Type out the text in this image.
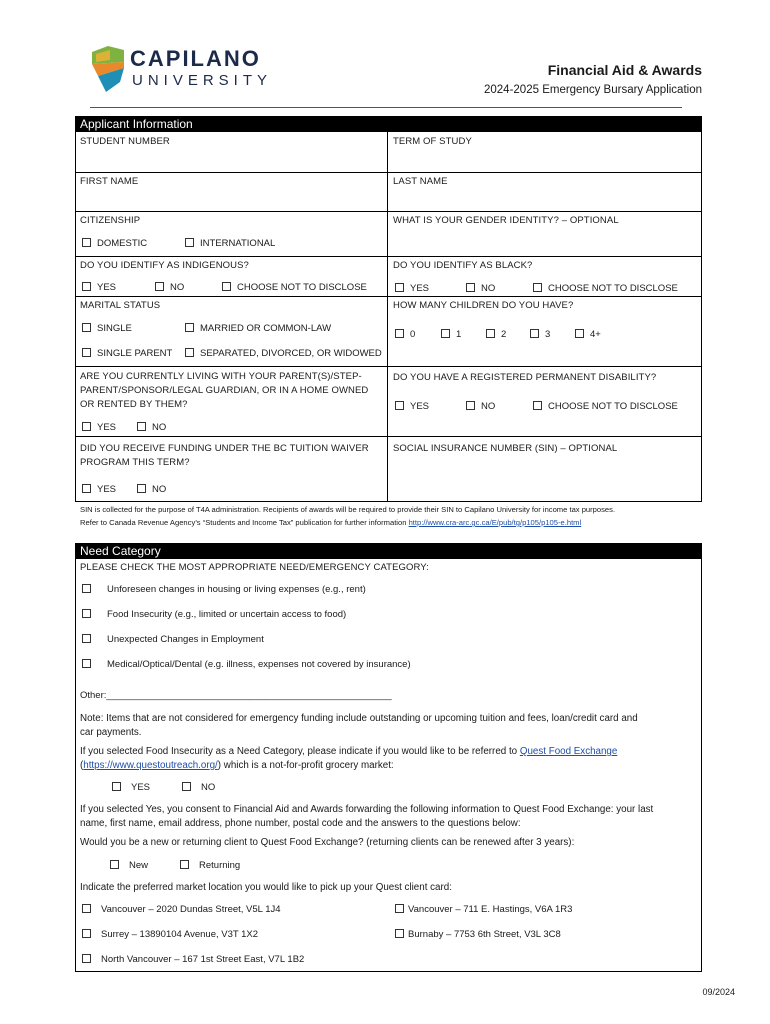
CAPILANO
UNIVERSITY
Financial Aid & Awards
2024-2025 Emergency Bursary Application
Applicant Information
STUDENT NUMBER	TERM OF STUDY
FIRST NAME	LAST NAME
CITIZENSHIP
DOMESTIC	INTERNATIONAL
WHAT IS YOUR GENDER IDENTITY? – OPTIONAL
DO YOU IDENTIFY AS INDIGENOUS?
YES	NO	CHOOSE NOT TO DISCLOSE
DO YOU IDENTIFY AS BLACK?
YES	NO	CHOOSE NOT TO DISCLOSE
MARITAL STATUS
SINGLE	MARRIED OR COMMON-LAW
SINGLE PARENT	SEPARATED, DIVORCED, OR WIDOWED
HOW MANY CHILDREN DO YOU HAVE?
0	1	2	3	4+
ARE YOU CURRENTLY LIVING WITH YOUR PARENT(S)/STEP-
PARENT/SPONSOR/LEGAL GUARDIAN, OR IN A HOME OWNED
OR RENTED BY THEM?
YES	NO
DO YOU HAVE A REGISTERED PERMANENT DISABILITY?
YES	NO	CHOOSE NOT TO DISCLOSE
DID YOU RECEIVE FUNDING UNDER THE BC TUITION WAIVER
PROGRAM THIS TERM?
YES	NO
SOCIAL INSURANCE NUMBER (SIN) – OPTIONAL
SIN is collected for the purpose of T4A administration. Recipients of awards will be required to provide their SIN to Capilano University for income tax purposes.
Refer to Canada Revenue Agency’s “Students and Income Tax” publication for further information http://www.cra-arc.gc.ca/E/pub/tg/p105/p105-e.html
Need Category
PLEASE CHECK THE MOST APPROPRIATE NEED/EMERGENCY CATEGORY:
Unforeseen changes in housing or living expenses (e.g., rent)
Food Insecurity (e.g., limited or uncertain access to food)
Unexpected Changes in Employment
Medical/Optical/Dental (e.g. illness, expenses not covered by insurance)
Other:______________________________________________________
Note: Items that are not considered for emergency funding include outstanding or upcoming tuition and fees, loan/credit card and
car payments.
If you selected Food Insecurity as a Need Category, please indicate if you would like to be referred to Quest Food Exchange
(https://www.questoutreach.org/) which is a not-for-profit grocery market:
YES	NO
If you selected Yes, you consent to Financial Aid and Awards forwarding the following information to Quest Food Exchange: your last
name, first name, email address, phone number, postal code and the answers to the questions below:
Would you be a new or returning client to Quest Food Exchange? (returning clients can be renewed after 3 years):
New	Returning
Indicate the preferred market location you would like to pick up your Quest client card:
Vancouver – 2020 Dundas Street, V5L 1J4	Vancouver – 711 E. Hastings, V6A 1R3
Surrey – 13890104 Avenue, V3T 1X2	Burnaby – 7753 6th Street, V3L 3C8
North Vancouver – 167 1st Street East, V7L 1B2
09/2024
